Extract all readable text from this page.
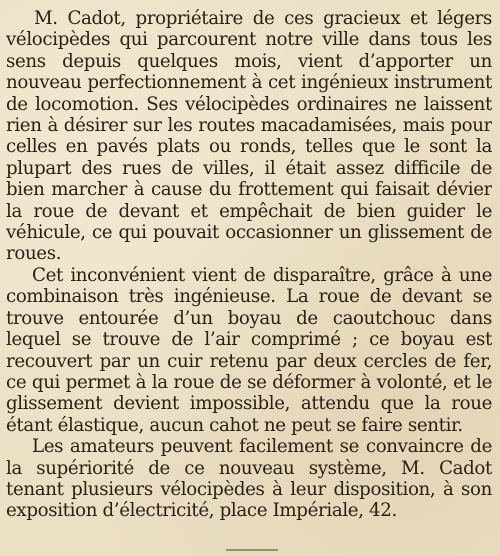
M. Cadot, propriétaire de ces gracieux et légers vélocipèdes qui parcourent notre ville dans tous les sens depuis quelques mois, vient d’apporter un nouveau perfectionnement à cet ingénieux instrument de locomotion. Ses vélocipèdes ordinaires ne laissent rien à désirer sur les routes macadamisées, mais pour celles en pavés plats ou ronds, telles que le sont la plupart des rues de villes, il était assez difficile de bien marcher à cause du frottement qui faisait dévier la roue de devant et empêchait de bien guider le véhicule, ce qui pouvait occasionner un glissement de roues.

Cet inconvénient vient de disparaître, grâce à une combinaison très ingénieuse. La roue de devant se trouve entourée d’un boyau de caoutchouc dans lequel se trouve de l’air comprimé ; ce boyau est recouvert par un cuir retenu par deux cercles de fer, ce qui permet à la roue de se déformer à volonté, et le glissement devient impossible, attendu que la roue étant élastique, aucun cahot ne peut se faire sentir.

Les amateurs peuvent facilement se convaincre de la supériorité de ce nouveau système, M. Cadot tenant plusieurs vélocipèdes à leur disposition, à son exposition d’électricité, place Impériale, 42.
